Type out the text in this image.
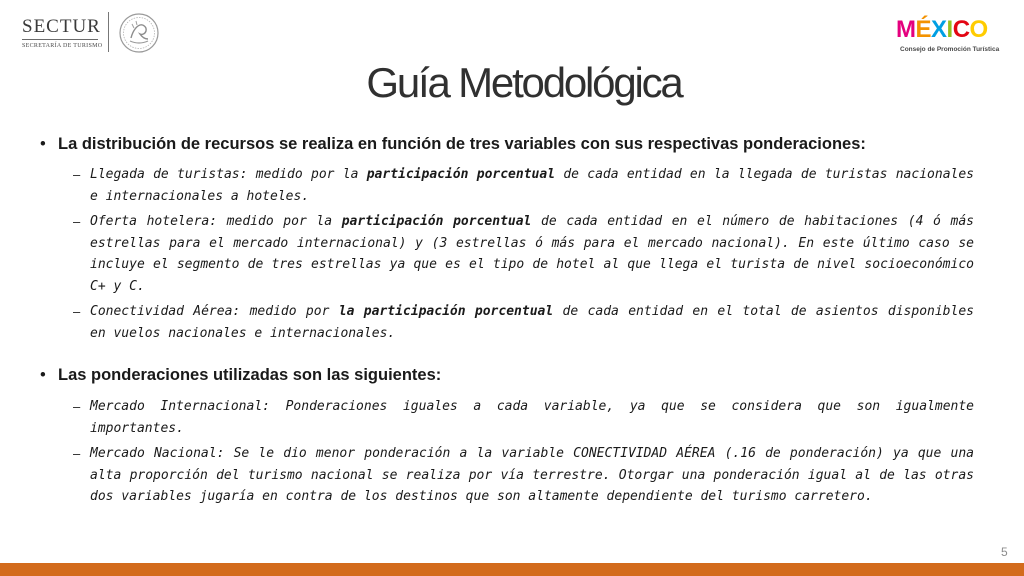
SECTUR
SECRETARÍA DE TURISMO
MÉXICO
Consejo de Promoción Turística
Guía Metodológica
• La distribución de recursos se realiza en función de tres variables con sus respectivas ponderaciones:
– Llegada de turistas: medido por la participación porcentual de cada entidad en la llegada de turistas nacionales e internacionales a hoteles.
– Oferta hotelera: medido por la participación porcentual de cada entidad en el número de habitaciones (4 ó más estrellas para el mercado internacional) y (3 estrellas ó más para el mercado nacional). En este último caso se incluye el segmento de tres estrellas ya que es el tipo de hotel al que llega el turista de nivel socioeconómico C+ y C.
– Conectividad Aérea: medido por la participación porcentual de cada entidad en el total de asientos disponibles en vuelos nacionales e internacionales.
• Las ponderaciones utilizadas son las siguientes:
– Mercado Internacional: Ponderaciones iguales a cada variable, ya que se considera que son igualmente importantes.
– Mercado Nacional: Se le dio menor ponderación a la variable CONECTIVIDAD AÉREA (.16 de ponderación) ya que una alta proporción del turismo nacional se realiza por vía terrestre. Otorgar una ponderación igual al de las otras dos variables jugaría en contra de los destinos que son altamente dependiente del turismo carretero.
5
